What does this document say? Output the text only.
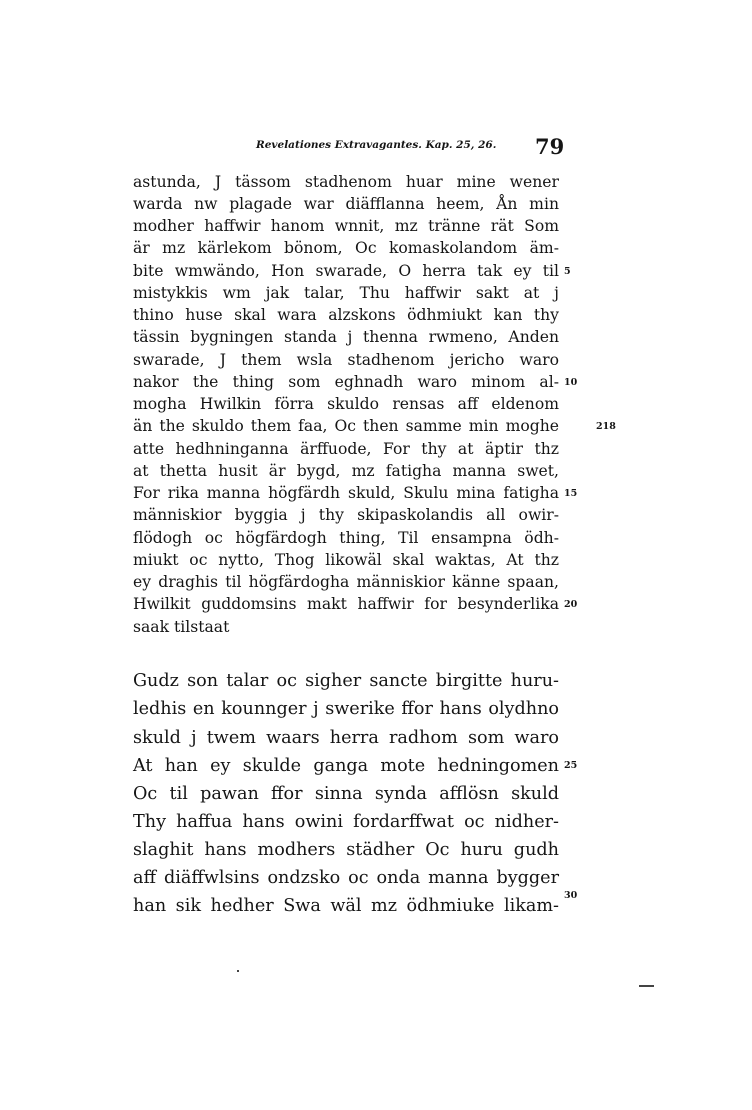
Revelationes Extravagantes. Kap. 25, 26. 79
astunda, J tässom stadhenom huar mine wener
warda nw plagade war diäfflanna heem, Ån min
modher haffwir hanom wnnit, mz tränne rät Som
är mz kärlekom bönom, Oc komaskolandom äm-
bite wmwändo, Hon swarade, O herra tak ey til
mistykkis wm jak talar, Thu haffwir sakt at j
thino huse skal wara alzskons ödhmiukt kan thy
tässin bygningen standa j thenna rwmeno, Anden
swarade, J them wsla stadhenom jericho waro
nakor the thing som eghnadh waro minom al-
mogha Hwilkin förra skuldo rensas aff eldenom
än the skuldo them faa, Oc then samme min moghe
atte hedhninganna ärffuode, For thy at äptir thz
at thetta husit är bygd, mz fatigha manna swet,
For rika manna högfärdh skuld, Skulu mina fatigha
människior byggia j thy skipaskolandis all owir-
flödogh oc högfärdogh thing, Til ensampna ödh-
miukt oc nytto, Thog likowäl skal waktas, At thz
ey draghis til högfärdogha människior känne spaan,
Hwilkit guddomsins makt haffwir for besynderlika
saak tilstaat
Gudz son talar oc sigher sancte birgitte huru-
ledhis en kounnger j swerike ffor hans olydhno
skuld j twem waars herra radhom som waro
At han ey skulde ganga mote hedningomen
Oc til pawan ffor sinna synda afflösn skuld
Thy haffua hans owini fordarffwat oc nidher-
slaghit hans modhers städher Oc huru gudh
aff diäffwlsins ondzsko oc onda manna bygger
han sik hedher Swa wäl mz ödhmiuke likam-
5
10
15
20
25
30
218
